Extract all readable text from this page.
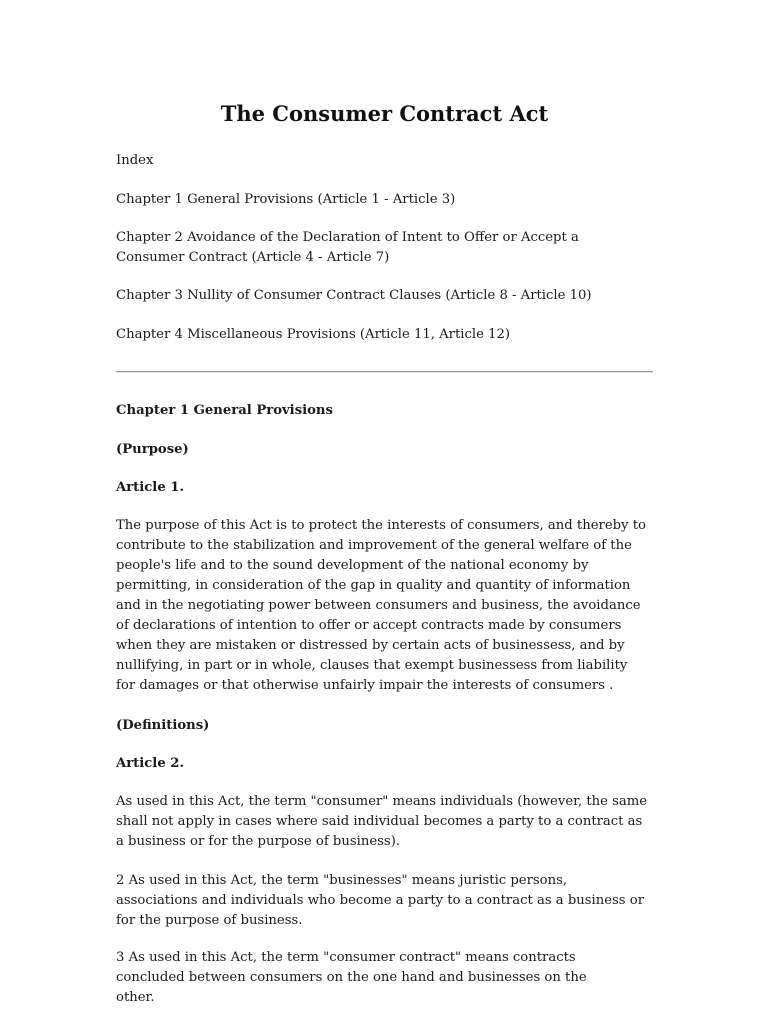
The Consumer Contract Act

Index

Chapter 1 General Provisions (Article 1 - Article 3)

Chapter 2 Avoidance of the Declaration of Intent to Offer or Accept a Consumer Contract (Article 4 - Article 7)

Chapter 3 Nullity of Consumer Contract Clauses (Article 8 - Article 10)

Chapter 4 Miscellaneous Provisions (Article 11, Article 12)

Chapter 1 General Provisions

(Purpose)

Article 1.

The purpose of this Act is to protect the interests of consumers, and thereby to contribute to the stabilization and improvement of the general welfare of the people's life and to the sound development of the national economy by permitting, in consideration of the gap in quality and quantity of information and in the negotiating power between consumers and business, the avoidance of declarations of intention to offer or accept contracts made by consumers when they are mistaken or distressed by certain acts of businessess, and by nullifying, in part or in whole, clauses that exempt businessess from liability for damages or that otherwise unfairly impair the interests of consumers .

(Definitions)

Article 2.

As used in this Act, the term "consumer" means individuals (however, the same shall not apply in cases where said individual becomes a party to a contract as a business or for the purpose of business).

2 As used in this Act, the term "businesses" means juristic persons, associations and individuals who become a party to a contract as a business or for the purpose of business.

3 As used in this Act, the term "consumer contract" means contracts concluded between consumers on the one hand and businesses on the other.
